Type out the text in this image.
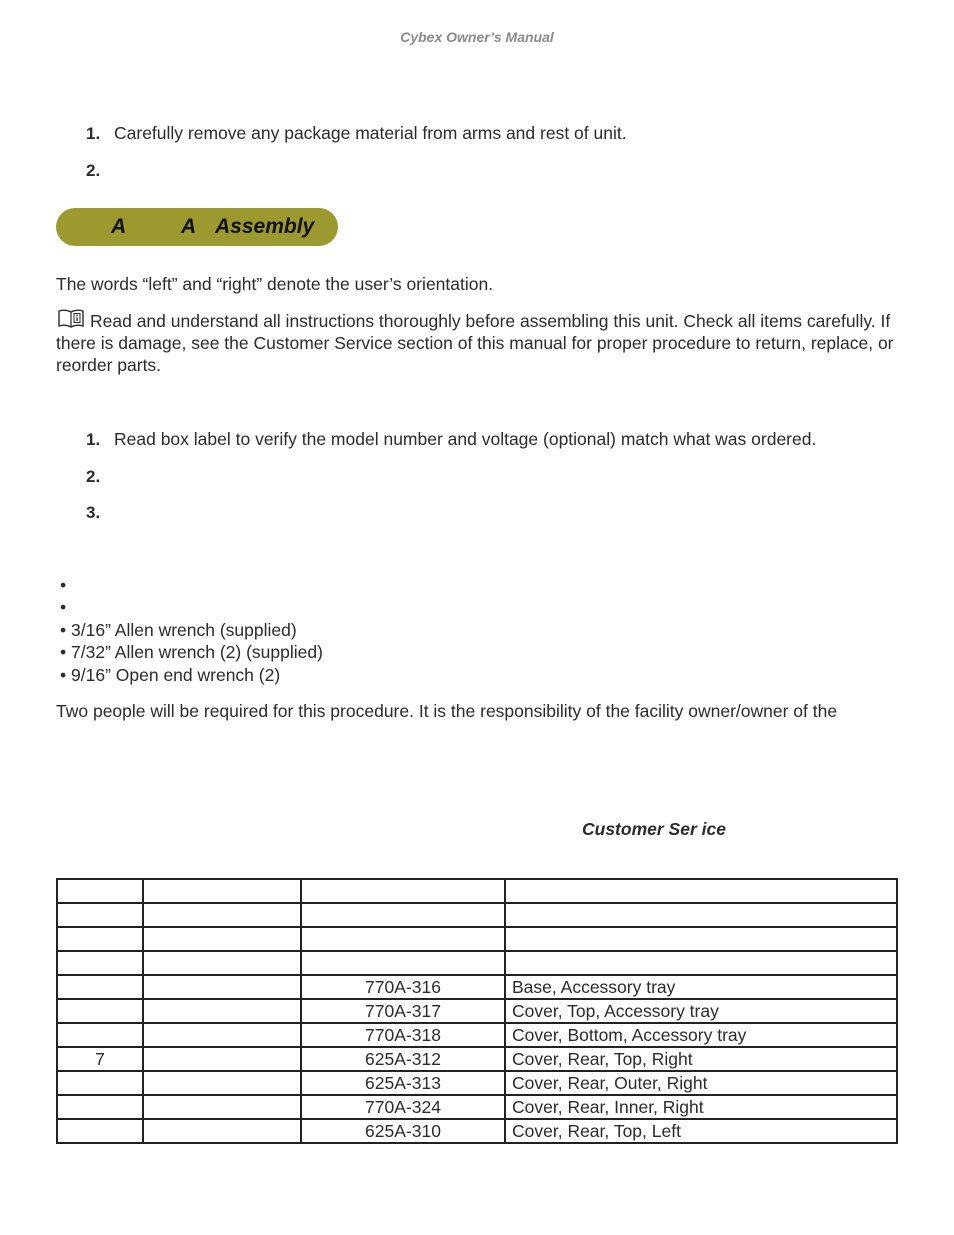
Cybex Owner’s Manual
1. Carefully remove any package material from arms and rest of unit.
2.
A	A Assembly
The words “left” and “right” denote the user’s orientation.
Read and understand all instructions thoroughly before assembling this unit. Check all items carefully. If there is damage, see the Customer Service section of this manual for proper procedure to return, replace, or reorder parts.
1. Read box label to verify the model number and voltage (optional) match what was ordered.
2.
3.
•
•
• 3/16” Allen wrench (supplied)
• 7/32” Allen wrench (2) (supplied)
• 9/16” Open end wrench (2)
Two people will be required for this procedure. It is the responsibility of the facility owner/owner of the
Customer Ser ice

		770A-316	Base, Accessory tray
		770A-317	Cover, Top, Accessory tray
		770A-318	Cover, Bottom, Accessory tray
7		625A-312	Cover, Rear, Top, Right
		625A-313	Cover, Rear, Outer, Right
		770A-324	Cover, Rear, Inner, Right
		625A-310	Cover, Rear, Top, Left
